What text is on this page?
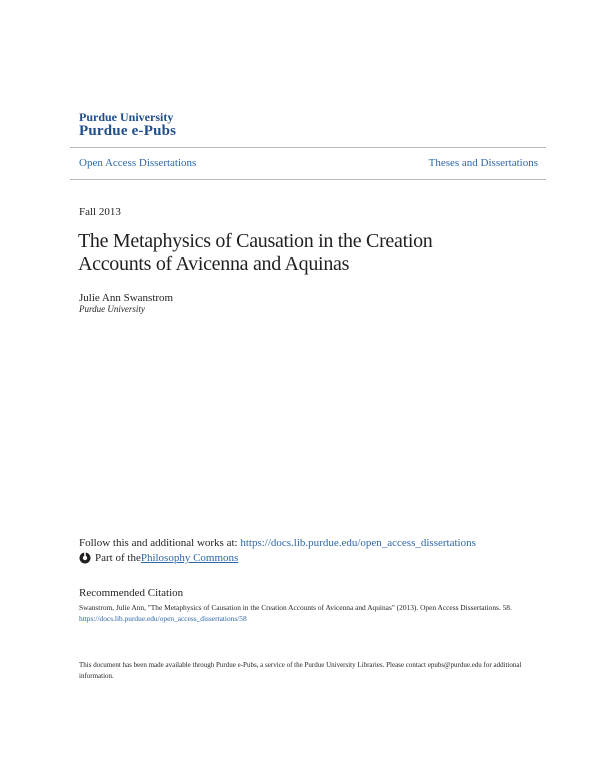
Purdue University
Purdue e-Pubs
Open Access Dissertations	Theses and Dissertations
Fall 2013
The Metaphysics of Causation in the Creation
Accounts of Avicenna and Aquinas
Julie Ann Swanstrom
Purdue University
Follow this and additional works at: https://docs.lib.purdue.edu/open_access_dissertations
Part of the Philosophy Commons
Recommended Citation
Swanstrom, Julie Ann, "The Metaphysics of Causation in the Creation Accounts of Avicenna and Aquinas" (2013). Open Access Dissertations. 58.
https://docs.lib.purdue.edu/open_access_dissertations/58
This document has been made available through Purdue e-Pubs, a service of the Purdue University Libraries. Please contact epubs@purdue.edu for additional information.
